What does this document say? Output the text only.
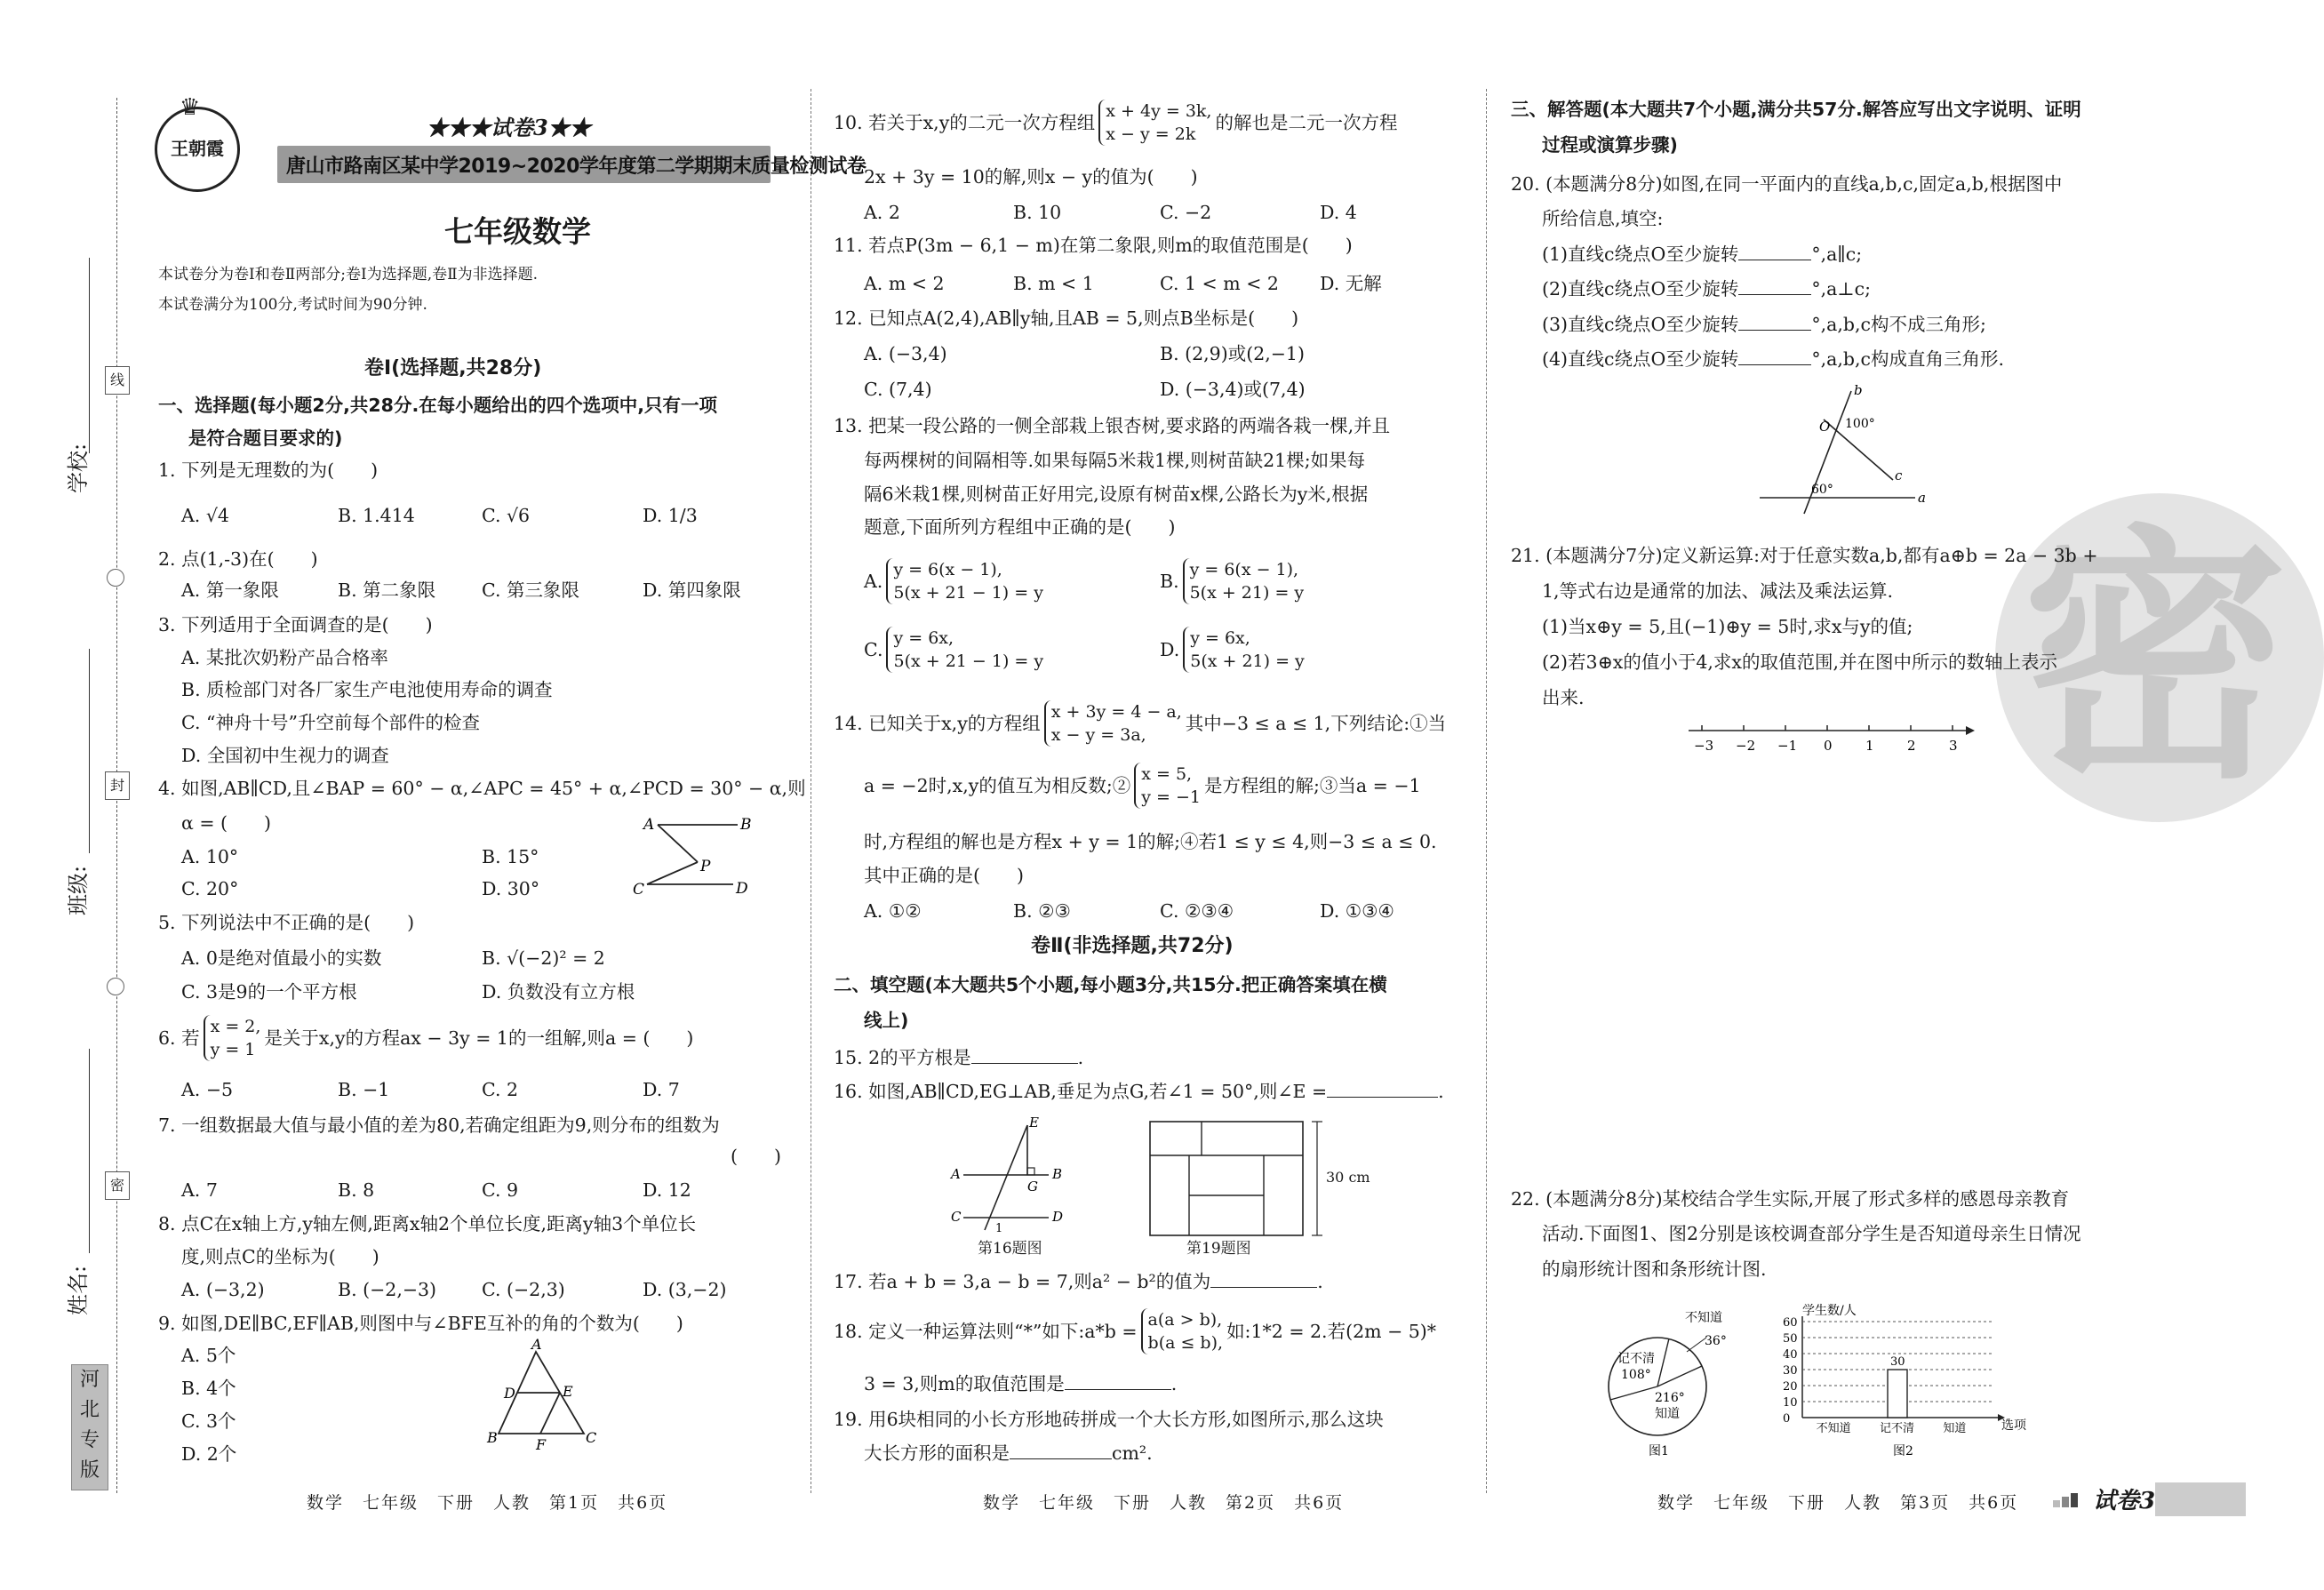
线
封
密
学校:
班级:
姓名:
河
北
专
版
王朝霞
♛
★★★试卷3★★
唐山市路南区某中学2019~2020学年度第二学期期末质量检测试卷
七年级数学
本试卷分为卷Ⅰ和卷Ⅱ两部分;卷Ⅰ为选择题,卷Ⅱ为非选择题.
本试卷满分为100分,考试时间为90分钟.
卷Ⅰ(选择题,共28分)
一、选择题(每小题2分,共28分.在每小题给出的四个选项中,只有一项
是符合题目要求的)
1. 下列是无理数的为(　　)
A. √4	B. 1.414	C. √6	D. 1/3
2. 点(1,-3)在(　　)
A. 第一象限	B. 第二象限	C. 第三象限	D. 第四象限
3. 下列适用于全面调查的是(　　)
A. 某批次奶粉产品合格率
B. 质检部门对各厂家生产电池使用寿命的调查
C. “神舟十号”升空前每个部件的检查
D. 全国初中生视力的调查
4. 如图,AB∥CD,且∠BAP = 60° − α,∠APC = 45° + α,∠PCD = 30° − α,则
α = (　　)
A. 10°	B. 15°
C. 20°	D. 30°
A	B
P
C	D
5. 下列说法中不正确的是(　　)
A. 0是绝对值最小的实数	B. √(−2)² = 2
C. 3是9的一个平方根	D. 负数没有立方根
6. 若
x = 2,
y = 1
是关于x,y的方程ax − 3y = 1的一组解,则a = (　　)
A. −5	B. −1	C. 2	D. 7
7. 一组数据最大值与最小值的差为80,若确定组距为9,则分布的组数为
(　　)
A. 7	B. 8	C. 9	D. 12
8. 点C在x轴上方,y轴左侧,距离x轴2个单位长度,距离y轴3个单位长
度,则点C的坐标为(　　)
A. (−3,2)	B. (−2,−3) C. (−2,3)	D. (3,−2)
9. 如图,DE∥BC,EF∥AB,则图中与∠BFE互补的角的个数为(　　)
A. 5个
B. 4个
C. 3个
D. 2个
A
D	E
B	F	C
数学　七年级　下册　人教　第1页　共6页
10. 若关于x,y的二元一次方程组
x + 4y = 3k,
x − y = 2k
的解也是二元一次方程
2x + 3y = 10的解,则x − y的值为(　　)
A. 2	B. 10	C. −2	D. 4
11. 若点P(3m − 6,1 − m)在第二象限,则m的取值范围是(　　)
A. m < 2	B. m < 1	C. 1 < m < 2 D. 无解
12. 已知点A(2,4),AB∥y轴,且AB = 5,则点B坐标是(　　)
A. (−3,4)	B. (2,9)或(2,−1)
C. (7,4)	D. (−3,4)或(7,4)
13. 把某一段公路的一侧全部栽上银杏树,要求路的两端各栽一棵,并且
每两棵树的间隔相等.如果每隔5米栽1棵,则树苗缺21棵;如果每
隔6米栽1棵,则树苗正好用完,设原有树苗x棵,公路长为y米,根据
题意,下面所列方程组中正确的是(　　)
A.
y = 6(x − 1),
5(x + 21 − 1) = y
B.
y = 6(x − 1),
5(x + 21) = y
C.
y = 6x,
5(x + 21 − 1) = y
D.
y = 6x,
5(x + 21) = y
14. 已知关于x,y的方程组
x + 3y = 4 − a,
x − y = 3a,
其中−3 ≤ a ≤ 1,下列结论:①当
a = −2时,x,y的值互为相反数;②
x = 5,
y = −1
是方程组的解;③当a = −1
时,方程组的解也是方程x + y = 1的解;④若1 ≤ y ≤ 4,则−3 ≤ a ≤ 0.
其中正确的是(　　)
A. ①②	B. ②③	C. ②③④	D. ①③④
卷Ⅱ(非选择题,共72分)
二、填空题(本大题共5个小题,每小题3分,共15分.把正确答案填在横
线上)
15. 2的平方根是	.
16. 如图,AB∥CD,EG⊥AB,垂足为点G,若∠1 = 50°,则∠E =	.
E
A	B
G
C	D
1
第16题图
30 cm
第19题图
17. 若a + b = 3,a − b = 7,则a² − b²的值为	.
18. 定义一种运算法则“*”如下:a*b =
a(a > b),
b(a ≤ b),
如:1*2 = 2.若(2m − 5)*
3 = 3,则m的取值范围是	.
19. 用6块相同的小长方形地砖拼成一个大长方形,如图所示,那么这块
大长方形的面积是	cm².
数学　七年级　下册　人教　第2页　共6页
密
三、解答题(本大题共7个小题,满分共57分.解答应写出文字说明、证明
过程或演算步骤)
20. (本题满分8分)如图,在同一平面内的直线a,b,c,固定a,b,根据图中
所给信息,填空:
(1)直线c绕点O至少旋转	°,a∥c;
(2)直线c绕点O至少旋转	°,a⊥c;
(3)直线c绕点O至少旋转	°,a,b,c构不成三角形;
(4)直线c绕点O至少旋转	°,a,b,c构成直角三角形.
b
O 100°
c
60°	a
21. (本题满分7分)定义新运算:对于任意实数a,b,都有a⊕b = 2a − 3b +
1,等式右边是通常的加法、减法及乘法运算.
(1)当x⊕y = 5,且(−1)⊕y = 5时,求x与y的值;
(2)若3⊕x的值小于4,求x的取值范围,并在图中所示的数轴上表示
出来.
−3 −2 −1 0 1 2 3
22. (本题满分8分)某校结合学生实际,开展了形式多样的感恩母亲教育
活动.下面图1、图2分别是该校调查部分学生是否知道母亲生日情况
的扇形统计图和条形统计图.
不知道
36°
记不清
108°
216°
知道
图1
学生数/人
选项
图2
0
10
20
30
40
50
60
不知道 记不清
30
知道
数学　七年级　下册　人教　第3页　共6页	试卷3
